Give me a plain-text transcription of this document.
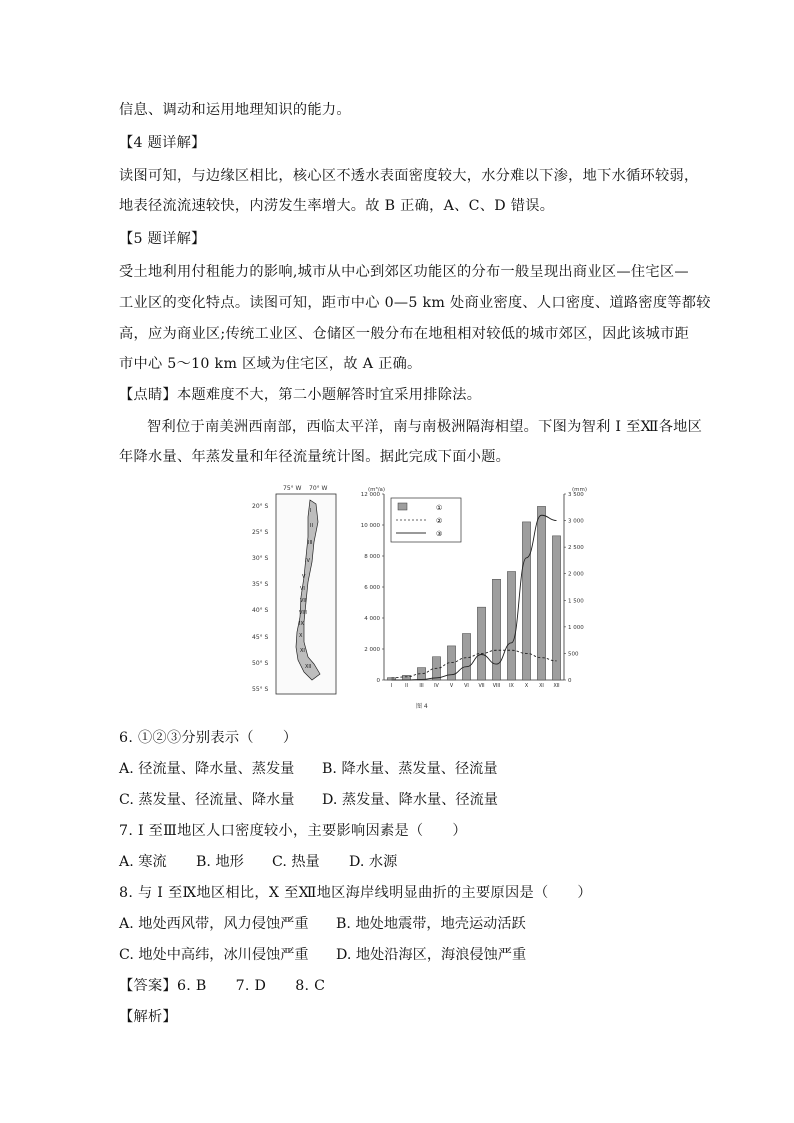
信息、调动和运用地理知识的能力。
【4 题详解】
读图可知，与边缘区相比，核心区不透水表面密度较大，水分难以下渗，地下水循环较弱，
地表径流流速较快，内涝发生率增大。故 B 正确，A、C、D 错误。
【5 题详解】
受土地利用付租能力的影响,城市从中心到郊区功能区的分布一般呈现出商业区—住宅区—
工业区的变化特点。读图可知，距市中心 0—5 km 处商业密度、人口密度、道路密度等都较
高，应为商业区;传统工业区、仓储区一般分布在地租相对较低的城市郊区，因此该城市距
市中心 5～10 km 区域为住宅区，故 A 正确。
【点睛】本题难度不大，第二小题解答时宜采用排除法。
智利位于南美洲西南部，西临太平洋，南与南极洲隔海相望。下图为智利 I 至Ⅻ各地区
年降水量、年蒸发量和年径流量统计图。据此完成下面小题。
75° W 70° W
20° S
25° S
30° S
35° S
40° S
45° S
50° S
55° S
I
II
III
IV
V
VI
VII
VIII
IX
X
XI
XII
(m³/a)	(mm)
0
2 000
4 000
6 000
8 000
10 000
12 000
0
500
1 000
1 500
2 000
2 500
3 000
3 500
I	II III IV V VI VII VIII IX X XI XII
①
②
③
图 4
6. ①②③分别表示（　　）
A. 径流量、降水量、蒸发量 B. 降水量、蒸发量、径流量
C. 蒸发量、径流量、降水量 D. 蒸发量、降水量、径流量
7. I 至Ⅲ地区人口密度较小，主要影响因素是（　　）
A. 寒流 B. 地形 C. 热量 D. 水源
8. 与 I 至Ⅸ地区相比，X 至Ⅻ地区海岸线明显曲折的主要原因是（　　）
A. 地处西风带，风力侵蚀严重 B. 地处地震带，地壳运动活跃
C. 地处中高纬，冰川侵蚀严重 D. 地处沿海区，海浪侵蚀严重
【答案】6. B　　7. D　　8. C
【解析】
